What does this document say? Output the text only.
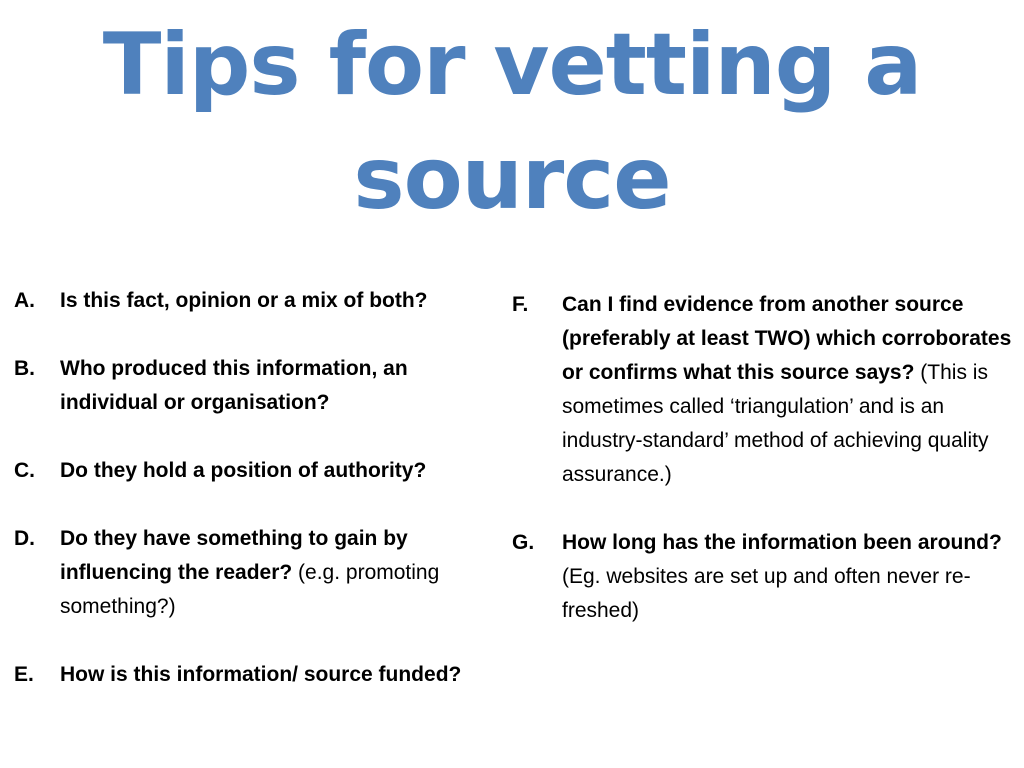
Tips for vetting a
source
A. Is this fact, opinion or a mix of both?
B. Who produced this information, an individual or organisation?
C. Do they hold a position of authority?
D. Do they have something to gain by influencing the reader? (e.g. promoting something?)
E. How is this information/ source funded?
F. Can I find evidence from another source (preferably at least TWO) which corroborates or confirms what this source says? (This is sometimes called ‘triangulation’ and is an industry-standard’ method of achieving quality assurance.)
G. How long has the information been around? (Eg. websites are set up and often never re-freshed)
